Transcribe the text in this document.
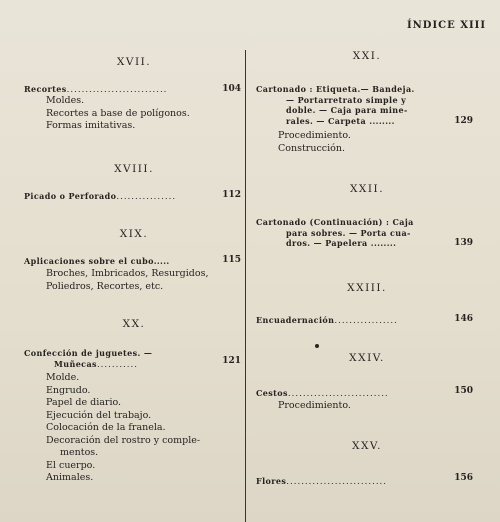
ÍNDICE XIII
XVII.
Recortes...........................	104
Moldes.
Recortes a base de polígonos.
Formas imitativas.
XVIII.
Picado o Perforado................	112
XIX.
Aplicaciones sobre el cubo.....	115
Broches, Imbricados, Resurgidos,
Poliedros, Recortes, etc.
XX.
Confección de juguetes. —
Muñecas...........	121
Molde.
Engrudo.
Papel de diario.
Ejecución del trabajo.
Colocación de la franela.
Decoración del rostro y comple-
mentos.
El cuerpo.
Animales.
XXI.
Cartonado : Etiqueta.— Bandeja.
— Portarretrato simple y
doble. — Caja para mine-
rales. — Carpeta ........	129
Procedimiento.
Construcción.
XXII.
Cartonado (Continuación) : Caja
para sobres. — Porta cua-
dros. — Papelera ........	139
XXIII.
Encuadernación.................	146
XXIV.
Cestos...........................	150
Procedimiento.
XXV.
Flores...........................	156
